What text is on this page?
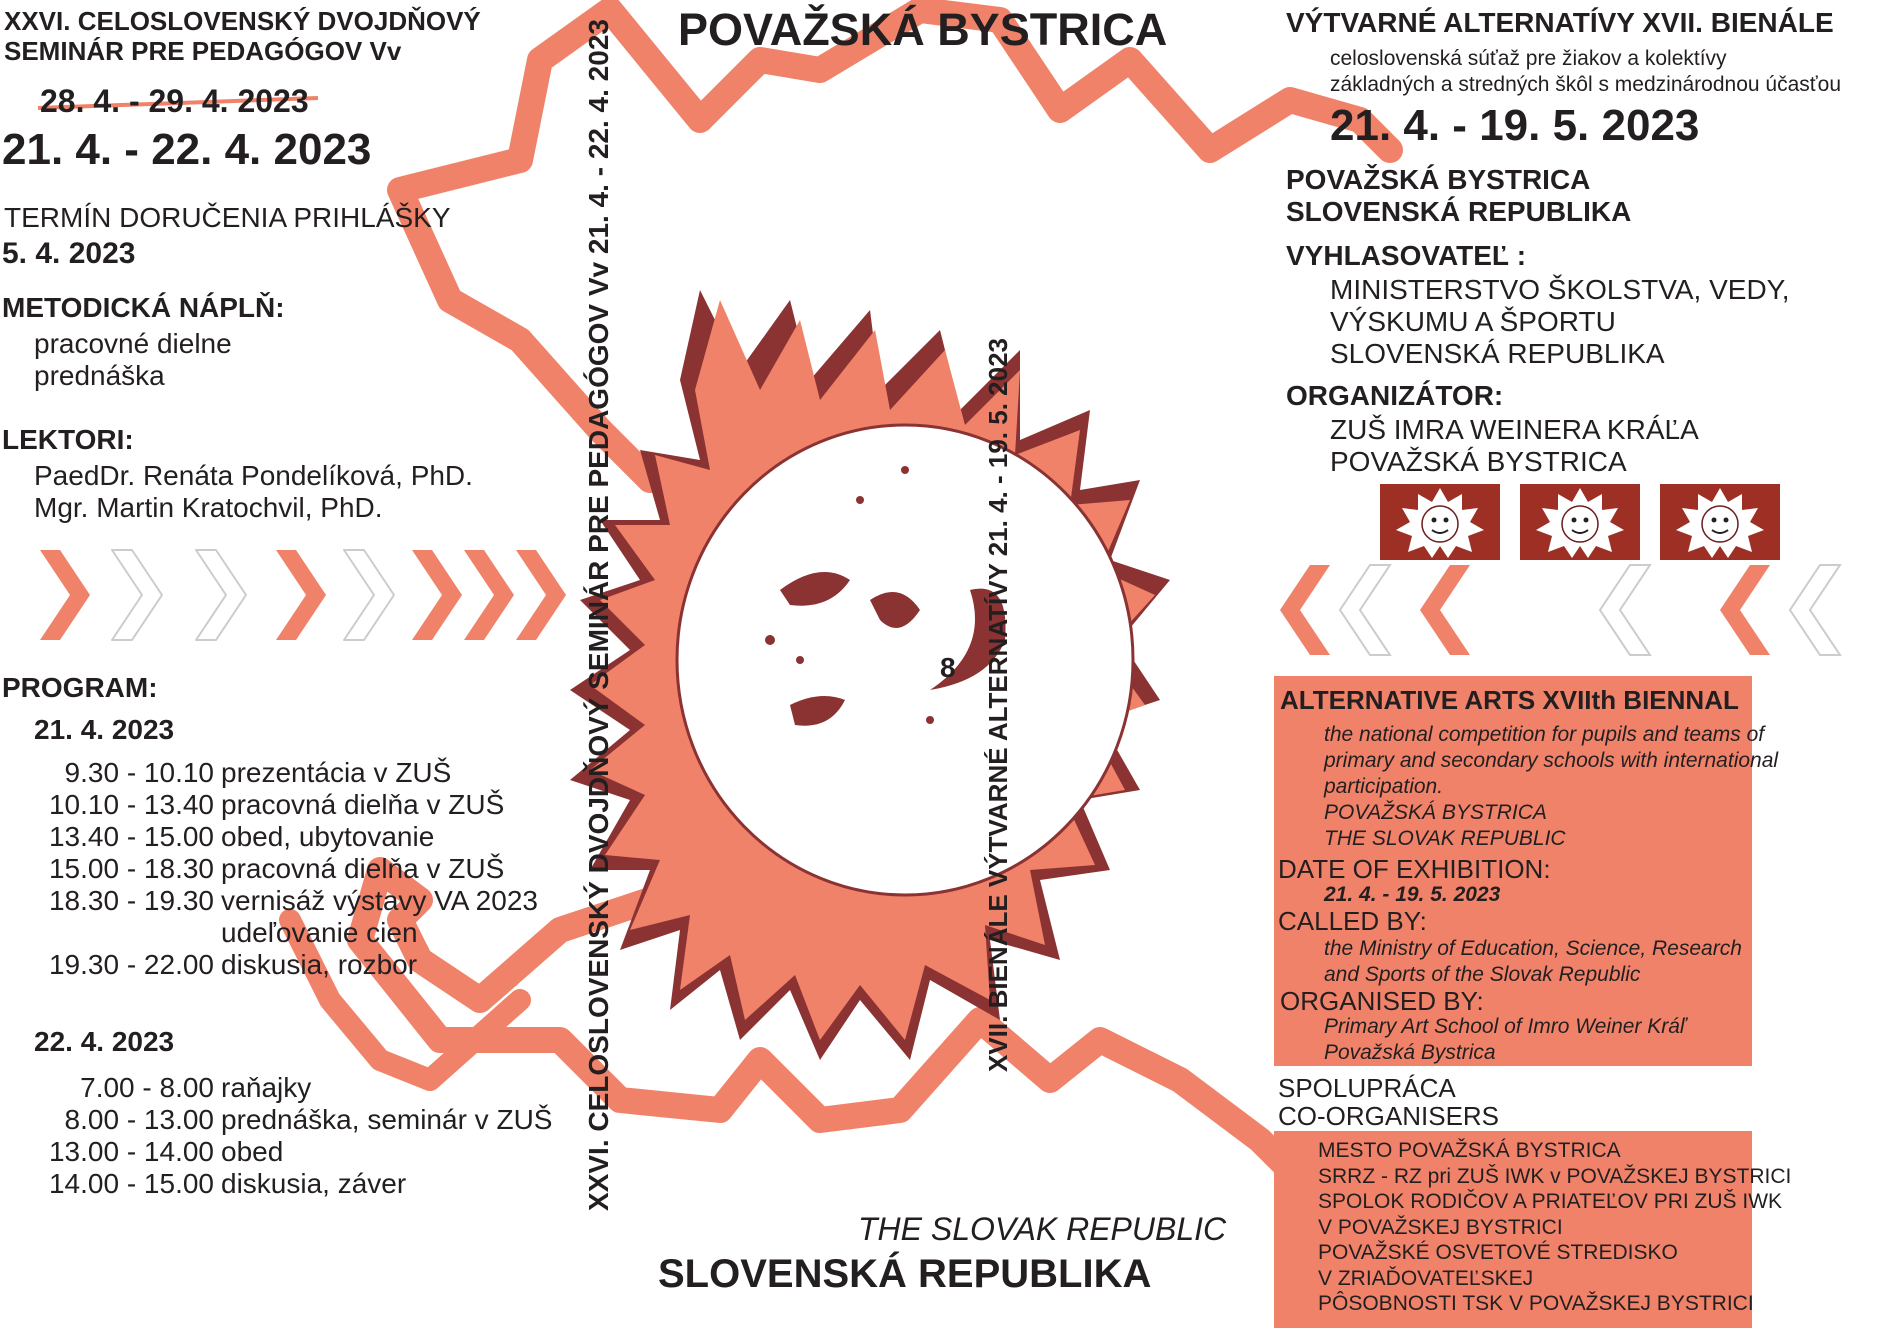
POVAŽSKÁ BYSTRICA
XXVI. CELOSLOVENSKÝ DVOJDŇOVÝ
SEMINÁR PRE PEDAGÓGOV Vv
28. 4. - 29. 4. 2023
21. 4. - 22. 4. 2023
TERMÍN DORUČENIA PRIHLÁŠKY
5. 4. 2023
METODICKÁ NÁPLŇ:
pracovné dielne
prednáška
LEKTORI:
PaedDr. Renáta Pondelíková, PhD.
Mgr. Martin Kratochvil, PhD.
PROGRAM:
21. 4. 2023
9.30 - 10.10 prezentácia v ZUŠ
10.10 - 13.40 pracovná dielňa v ZUŠ
13.40 - 15.00 obed, ubytovanie
15.00 - 18.30 pracovná dielňa v ZUŠ
18.30 - 19.30 vernisáž výstavy VA 2023
udeľovanie cien
19.30 - 22.00 diskusia, rozbor
22. 4. 2023
7.00 - 8.00 raňajky
8.00 - 13.00 prednáška, seminár v ZUŠ
13.00 - 14.00 obed
14.00 - 15.00 diskusia, záver	XXVI. CELOSLOVENSKÝ DVOJDŇOVÝ SEMINÁR PRE PEDAGÓGOV Vv 21. 4. - 22. 4. 2023	XVII. BIENÁLE VÝTVARNÉ ALTERNATÍVY 21. 4. - 19. 5. 2023
8
THE SLOVAK REPUBLIC
SLOVENSKÁ REPUBLIKA
VÝTVARNÉ ALTERNATÍVY XVII. BIENÁLE
celoslovenská súťaž pre žiakov a kolektívy
základných a stredných škôl s medzinárodnou účasťou
21. 4. - 19. 5. 2023
POVAŽSKÁ BYSTRICA
SLOVENSKÁ REPUBLIKA
VYHLASOVATEĽ :
MINISTERSTVO ŠKOLSTVA, VEDY,
VÝSKUMU A ŠPORTU
SLOVENSKÁ REPUBLIKA
ORGANIZÁTOR:
ZUŠ IMRA WEINERA KRÁĽA
POVAŽSKÁ BYSTRICA
ALTERNATIVE ARTS XVIIth BIENNAL
the national competition for pupils and teams of
primary and secondary schools with international
participation.
POVAŽSKÁ BYSTRICA
THE SLOVAK REPUBLIC
DATE OF EXHIBITION:
21. 4. - 19. 5. 2023
CALLED BY:
the Ministry of Education, Science, Research
and Sports of the Slovak Republic
ORGANISED BY:
Primary Art School of Imro Weiner Kráľ
Považská Bystrica
SPOLUPRÁCA
CO-ORGANISERS
MESTO POVAŽSKÁ BYSTRICA
SRRZ - RZ pri ZUŠ IWK v POVAŽSKEJ BYSTRICI
SPOLOK RODIČOV A PRIATEĽOV PRI ZUŠ IWK
V POVAŽSKEJ BYSTRICI
POVAŽSKÉ OSVETOVÉ STREDISKO
V ZRIAĎOVATEĽSKEJ
PÔSOBNOSTI TSK V POVAŽSKEJ BYSTRICI
